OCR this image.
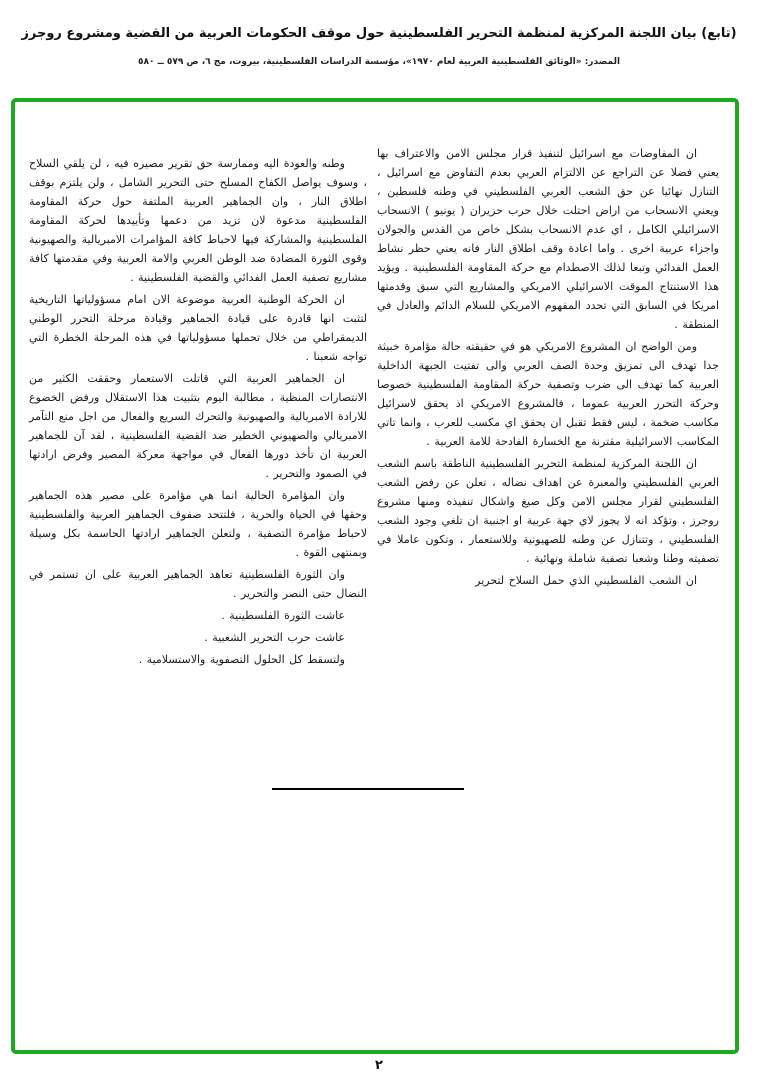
(تابع) بيان اللجنة المركزية لمنظمة التحرير الفلسطينية حول موقف الحكومات العربية من القضية ومشروع روجرز
المصدر: «الوثائق الفلسطينية العربية لعام ١٩٧٠»، مؤسسة الدراسات الفلسطينية، بيروت، مج ٦، ص ٥٧٩ ــ ٥٨٠

ان المفاوضات مع اسرائيل لتنفيذ قرار مجلس الامن والاعتراف بها يعني فضلا عن التراجع عن الالتزام العربي بعدم التفاوض مع اسرائيل ، التنازل نهائيا عن حق الشعب العربي الفلسطيني في وطنه فلسطين ، ويعني الانسحاب من اراض احتلت خلال حرب حزيران ( يونيو ) الانسحاب الاسرائيلي الكامل ، اي عدم الانسحاب بشكل خاص من القدس والجولان واجزاء عربية اخرى . واما اعادة وقف اطلاق النار فانه يعني حظر نشاط العمل الفدائي وتبعا لذلك الاصطدام مع حركة المقاومة الفلسطينية . ويؤيد هذا الاستنتاج الموقت الاسرائيلي الامريكي والمشاريع التي سبق وقدمتها امريكا في السابق التي تحدد المفهوم الامريكي للسلام الدائم والعادل في المنطقة .

ومن الواضح ان المشروع الامريكي هو في حقيقته حالة مؤامرة خبيثة جدا تهدف الى تمزيق وحدة الصف العربي والى تفتيت الجبهة الداخلية العربية كما تهدف الى ضرب وتصفية حركة المقاومة الفلسطينية خصوصا وحركة التحرر العربية عموما ، فالمشروع الامريكي اذ يحقق لاسرائيل مكاسب ضخمة ، ليس فقط تقبل ان يحقق اي مكسب للعرب ، وانما تاتي المكاسب الاسرائيلية مقترنة مع الخسارة الفادحة للامة العربية .

ان اللجنة المركزية لمنظمة التحرير الفلسطينية الناطقة باسم الشعب العربي الفلسطيني والمعبرة عن اهداف نضاله ، تعلن عن رفض الشعب الفلسطيني لقرار مجلس الامن وكل صيغ واشكال تنفيذه ومنها مشروع روجرز ، وتؤكد انه لا يجوز لاي جهة عربية او اجنبية ان تلغي وجود الشعب الفلسطيني ، وتتنازل عن وطنه للصهيونية وللاستعمار ، وتكون عاملا في تصفيته وطنا وشعبا تصفية شاملة ونهائية .

ان الشعب الفلسطيني الذي حمل السلاح لتحرير

وطنه والعودة اليه وممارسة حق تقرير مصيره فيه ، لن يلقي السلاح ، وسوف يواصل الكفاح المسلح حتى التحرير الشامل ، ولن يلتزم بوقف اطلاق النار ، وان الجماهير العربية الملتفة حول حركة المقاومة الفلسطينية مدعوة لان تزيد من دعمها وتأييدها لحركة المقاومة الفلسطينية والمشاركة فيها لاحباط كافة المؤامرات الامبريالية والصهيونية وقوى الثورة المضادة ضد الوطن العربي والامة العربية وفي مقدمتها كافة مشاريع تصفية العمل الفدائي والقضية الفلسطينية .

ان الحركة الوطنية العربية موضوعة الان امام مسؤولياتها التاريخية لتثبت انها قادرة على قيادة الجماهير وقيادة مرحلة التحرر الوطني الديمقراطي من خلال تحملها مسؤولياتها في هذه المرحلة الخطرة التي تواجه شعبنا .

ان الجماهير العربية التي قاتلت الاستعمار وحققت الكثير من الانتصارات المنظية ، مطالبة اليوم بتثبيت هذا الاستقلال ورفض الخضوع للارادة الامبريالية والصهيونية والتحرك السريع والفعال من اجل منع التآمر الامبريالي والصهيوني الخطير ضد القضية الفلسطينية ، لقد آن للجماهير العربية ان تأخذ دورها الفعال في مواجهة معركة المصير وفرض ارادتها في الصمود والتحرير .

وان المؤامرة الحالية انما هي مؤامرة على مصير هذه الجماهير وحقها في الحياة والحرية ، فلتتحد صفوف الجماهير العربية والفلسطينية لاحباط مؤامرة التصفية ، ولتعلن الجماهير ارادتها الحاسمة بكل وسيلة وبمنتهى القوة .

وان الثورة الفلسطينية تعاهد الجماهير العربية على ان تستمر في النضال حتى النصر والتحرير .

عاشت الثورة الفلسطينية .

عاشت حرب التحرير الشعبية .

ولتسقط كل الحلول التصفوية والاستسلامية .

٢
